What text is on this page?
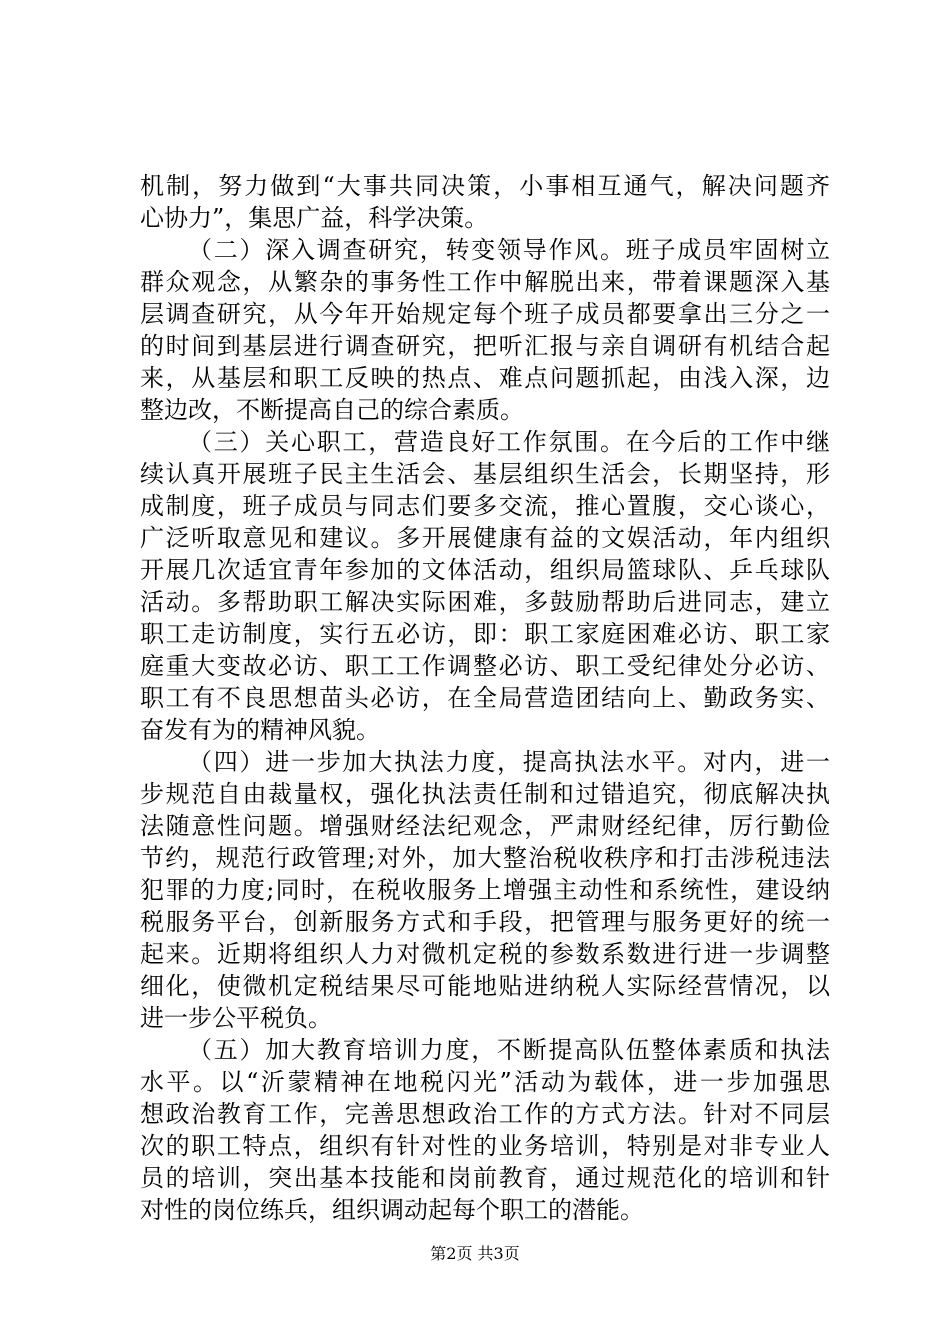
机制，努力做到“大事共同决策，小事相互通气，解决问题齐
心协力”，集思广益，科学决策。
（二）深入调查研究，转变领导作风。班子成员牢固树立
群众观念，从繁杂的事务性工作中解脱出来，带着课题深入基
层调查研究，从今年开始规定每个班子成员都要拿出三分之一
的时间到基层进行调查研究，把听汇报与亲自调研有机结合起
来，从基层和职工反映的热点、难点问题抓起，由浅入深，边
整边改，不断提高自己的综合素质。
（三）关心职工，营造良好工作氛围。在今后的工作中继
续认真开展班子民主生活会、基层组织生活会，长期坚持，形
成制度，班子成员与同志们要多交流，推心置腹，交心谈心，
广泛听取意见和建议。多开展健康有益的文娱活动，年内组织
开展几次适宜青年参加的文体活动，组织局篮球队、乒乓球队
活动。多帮助职工解决实际困难，多鼓励帮助后进同志，建立
职工走访制度，实行五必访，即：职工家庭困难必访、职工家
庭重大变故必访、职工工作调整必访、职工受纪律处分必访、
职工有不良思想苗头必访，在全局营造团结向上、勤政务实、
奋发有为的精神风貌。
（四）进一步加大执法力度，提高执法水平。对内，进一
步规范自由裁量权，强化执法责任制和过错追究，彻底解决执
法随意性问题。增强财经法纪观念，严肃财经纪律，厉行勤俭
节约，规范行政管理;对外，加大整治税收秩序和打击涉税违法
犯罪的力度;同时，在税收服务上增强主动性和系统性，建设纳
税服务平台，创新服务方式和手段，把管理与服务更好的统一
起来。近期将组织人力对微机定税的参数系数进行进一步调整
细化，使微机定税结果尽可能地贴进纳税人实际经营情况，以
进一步公平税负。
（五）加大教育培训力度，不断提高队伍整体素质和执法
水平。以“沂蒙精神在地税闪光”活动为载体，进一步加强思
想政治教育工作，完善思想政治工作的方式方法。针对不同层
次的职工特点，组织有针对性的业务培训，特别是对非专业人
员的培训，突出基本技能和岗前教育，通过规范化的培训和针
对性的岗位练兵，组织调动起每个职工的潜能。
第2页 共3页
